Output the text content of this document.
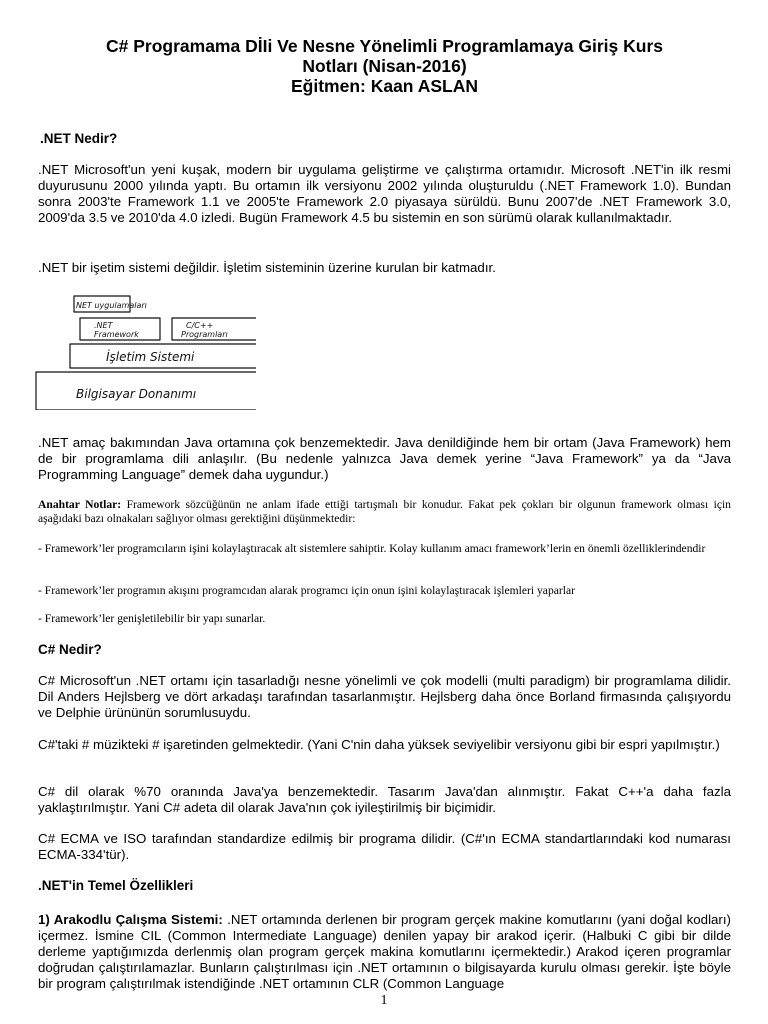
C# Programama DİIi Ve Nesne Yönelimli Programlamaya Giriş Kurs

Notları (Nisan-2016)

Eğitmen: Kaan ASLAN

.NET Nedir?

.NET Microsoft'un yeni kuşak, modern bir uygulama geliştirme ve çalıştırma ortamıdır. Microsoft .NET'in ilk resmi duyurusunu 2000 yılında yaptı. Bu ortamın ilk versiyonu 2002 yılında oluşturuldu (.NET Framework 1.0). Bundan sonra 2003'te Framework 1.1 ve 2005'te Framework 2.0 piyasaya sürüldü. Bunu 2007'de .NET Framework 3.0, 2009'da 3.5 ve 2010'da 4.0 izledi. Bugün Framework 4.5 bu sistemin en son sürümü olarak kullanılmaktadır.

.NET bir işetim sistemi değildir. İşletim sisteminin üzerine kurulan bir katmadır.

NET uygulamaları
.NET
Framework
C/C++
Programları
İşletim Sistemi
Bilgisayar Donanımı

.NET amaç bakımından Java ortamına çok benzemektedir. Java denildiğinde hem bir ortam (Java Framework) hem de bir programlama dili anlaşılır. (Bu nedenle yalnızca Java demek yerine “Java Framework” ya da “Java Programming Language” demek daha uygundur.)

Anahtar Notlar: Framework sözcüğünün ne anlam ifade ettiği tartışmalı bir konudur. Fakat pek çokları bir olgunun framework olması için aşağıdaki bazı olnakaları sağlıyor olması gerektiğini düşünmektedir:

- Framework’ler programcıların işini kolaylaştıracak alt sistemlere sahiptir. Kolay kullanım amacı framework’lerin en önemli özelliklerindendir

- Framework’ler programın akışını programcıdan alarak programcı için onun işini kolaylaştıracak işlemleri yaparlar

- Framework’ler genişletilebilir bir yapı sunarlar.

C# Nedir?

C# Microsoft'un .NET ortamı için tasarladığı nesne yönelimli ve çok modelli (multi paradigm) bir programlama dilidir. Dil Anders Hejlsberg ve dört arkadaşı tarafından tasarlanmıştır. Hejlsberg daha önce Borland firmasında çalışıyordu ve Delphie ürününün sorumlusuydu.

C#'taki # müzikteki # işaretinden gelmektedir. (Yani C'nin daha yüksek seviyelibir versiyonu gibi bir espri yapılmıştır.)

C# dil olarak %70 oranında Java'ya benzemektedir. Tasarım Java'dan alınmıştır. Fakat C++'a daha fazla yaklaştırılmıştır. Yani C# adeta dil olarak Java'nın çok iyileştirilmiş bir biçimidir.

C# ECMA ve ISO tarafından standardize edilmiş bir programa dilidir. (C#'ın ECMA standartlarındaki kod numarası ECMA-334'tür).

.NET'in Temel Özellikleri

1) Arakodlu Çalışma Sistemi: .NET ortamında derlenen bir program gerçek makine komutlarını (yani doğal kodları) içermez. İsmine CIL (Common Intermediate Language) denilen yapay bir arakod içerir. (Halbuki C gibi bir dilde derleme yaptığımızda derlenmiş olan program gerçek makina komutlarını içermektedir.) Arakod içeren programlar doğrudan çalıştırılamazlar. Bunların çalıştırılması için .NET ortamının o bilgisayarda kurulu olması gerekir. İşte böyle bir program çalıştırılmak istendiğinde .NET ortamının CLR (Common Language

1
